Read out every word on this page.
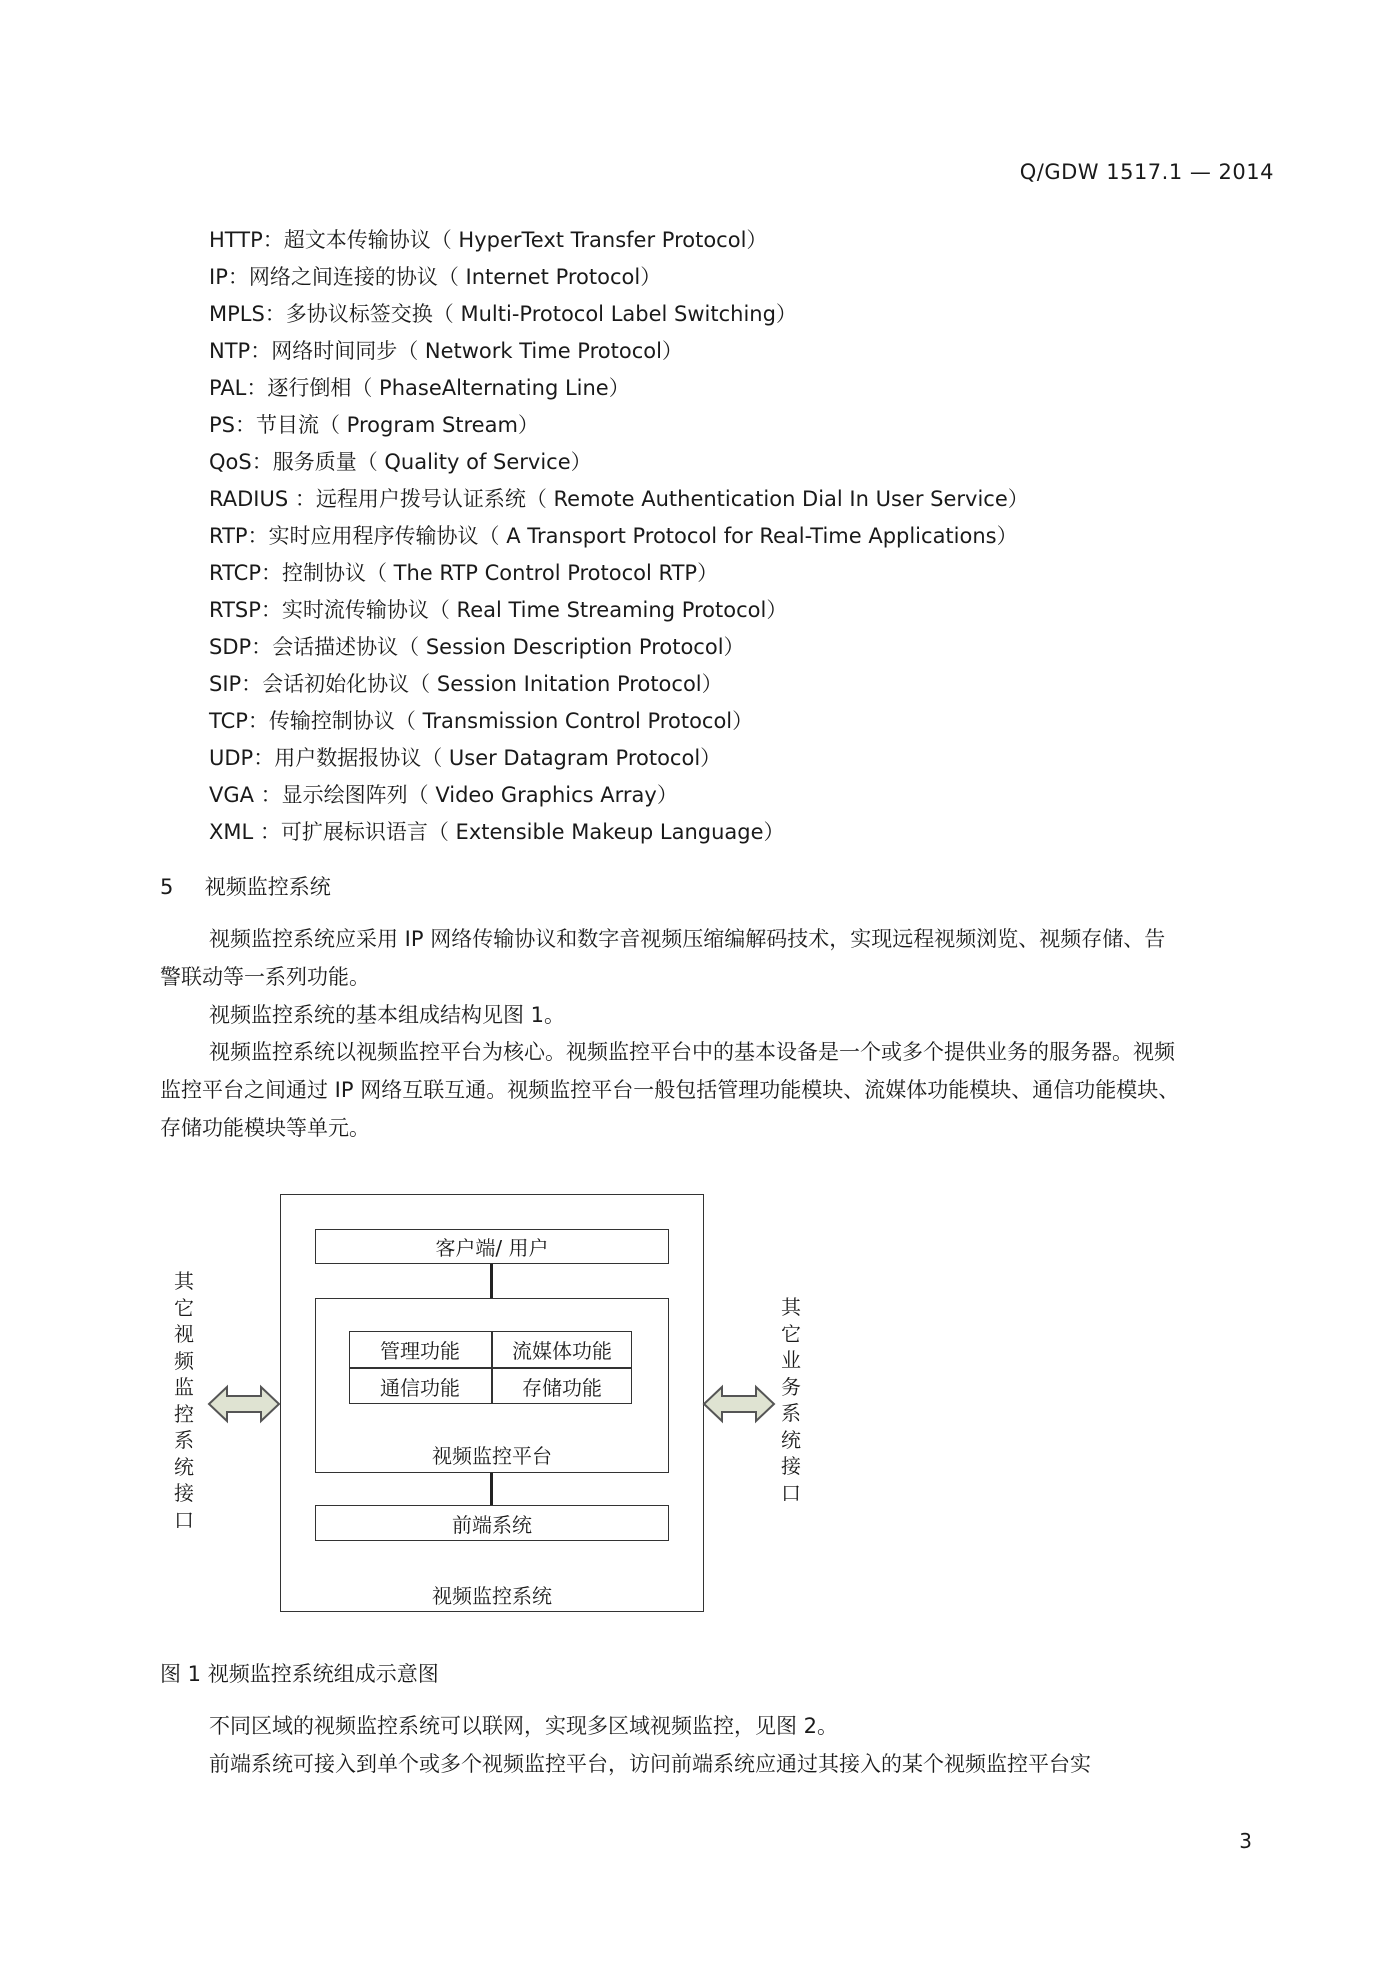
Q/GDW 1517.1 — 2014
HTTP：超文本传输协议（ HyperText Transfer Protocol）
IP：网络之间连接的协议（ Internet Protocol）
MPLS：多协议标签交换（ Multi-Protocol Label Switching）
NTP：网络时间同步（ Network Time Protocol）
PAL：逐行倒相（ PhaseAlternating Line）
PS：节目流（ Program Stream）
QoS：服务质量（ Quality of Service）
RADIUS ：远程用户拨号认证系统（ Remote Authentication Dial In User Service）
RTP：实时应用程序传输协议（ A Transport Protocol for Real-Time Applications）
RTCP：控制协议（ The RTP Control Protocol RTP）
RTSP：实时流传输协议（ Real Time Streaming Protocol）
SDP：会话描述协议（ Session Description Protocol）
SIP：会话初始化协议（ Session Initation Protocol）
TCP：传输控制协议（ Transmission Control Protocol）
UDP：用户数据报协议（ User Datagram Protocol）
VGA ：显示绘图阵列（ Video Graphics Array）
XML ：可扩展标识语言（ Extensible Makeup Language）
5 视频监控系统
视频监控系统应采用 IP 网络传输协议和数字音视频压缩编解码技术，实现远程视频浏览、视频存储、告警联动等一系列功能。
视频监控系统的基本组成结构见图 1。
视频监控系统以视频监控平台为核心。视频监控平台中的基本设备是一个或多个提供业务的服务器。视频监控平台之间通过 IP 网络互联互通。视频监控平台一般包括管理功能模块、流媒体功能模块、通信功能模块、存储功能模块等单元。
客户端/ 用户
管理功能	流媒体功能
通信功能	存储功能
视频监控平台
前端系统
视频监控系统
其它视频监控系统接口
其它业务系统接口
图 1 视频监控系统组成示意图
不同区域的视频监控系统可以联网，实现多区域视频监控，见图 2。
前端系统可接入到单个或多个视频监控平台，访问前端系统应通过其接入的某个视频监控平台实
3
